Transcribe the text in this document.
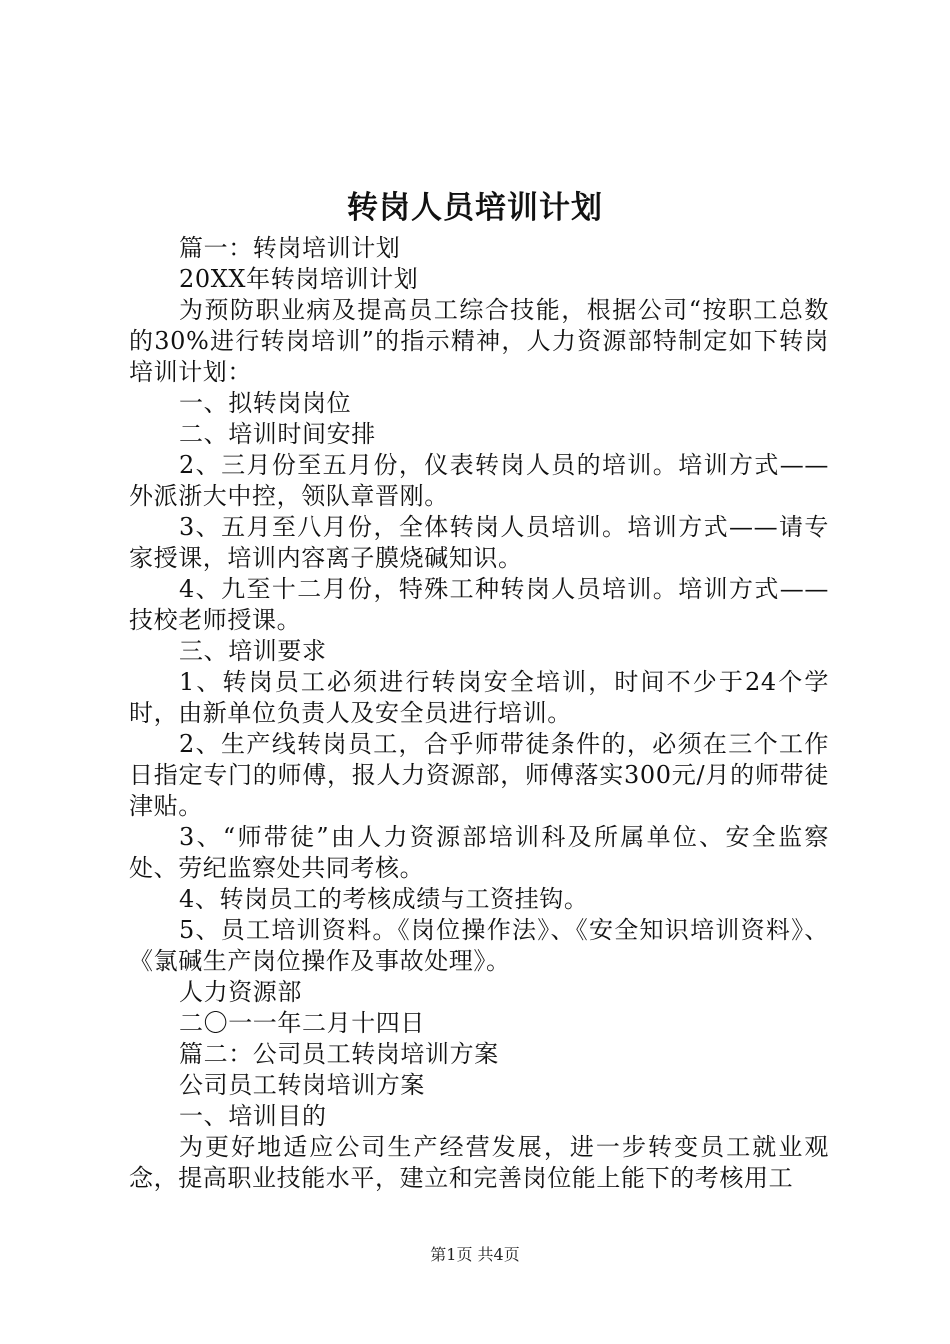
转岗人员培训计划

篇一：转岗培训计划

20XX年转岗培训计划

为预防职业病及提高员工综合技能，根据公司“按职工总数的30%进行转岗培训”的指示精神，人力资源部特制定如下转岗培训计划：

一、拟转岗岗位

二、培训时间安排

2、三月份至五月份，仪表转岗人员的培训。培训方式——外派浙大中控，领队章晋刚。

3、五月至八月份，全体转岗人员培训。培训方式——请专家授课，培训内容离子膜烧碱知识。

4、九至十二月份，特殊工种转岗人员培训。培训方式——技校老师授课。

三、培训要求

1、转岗员工必须进行转岗安全培训，时间不少于24个学时，由新单位负责人及安全员进行培训。

2、生产线转岗员工，合乎师带徒条件的，必须在三个工作日指定专门的师傅，报人力资源部，师傅落实300元/月的师带徒津贴。

3、“师带徒”由人力资源部培训科及所属单位、安全监察处、劳纪监察处共同考核。

4、转岗员工的考核成绩与工资挂钩。

5、员工培训资料。《岗位操作法》、《安全知识培训资料》、《氯碱生产岗位操作及事故处理》。

人力资源部

二〇一一年二月十四日

篇二：公司员工转岗培训方案

公司员工转岗培训方案

一、培训目的

为更好地适应公司生产经营发展，进一步转变员工就业观念，提高职业技能水平，建立和完善岗位能上能下的考核用工

第1页 共4页
